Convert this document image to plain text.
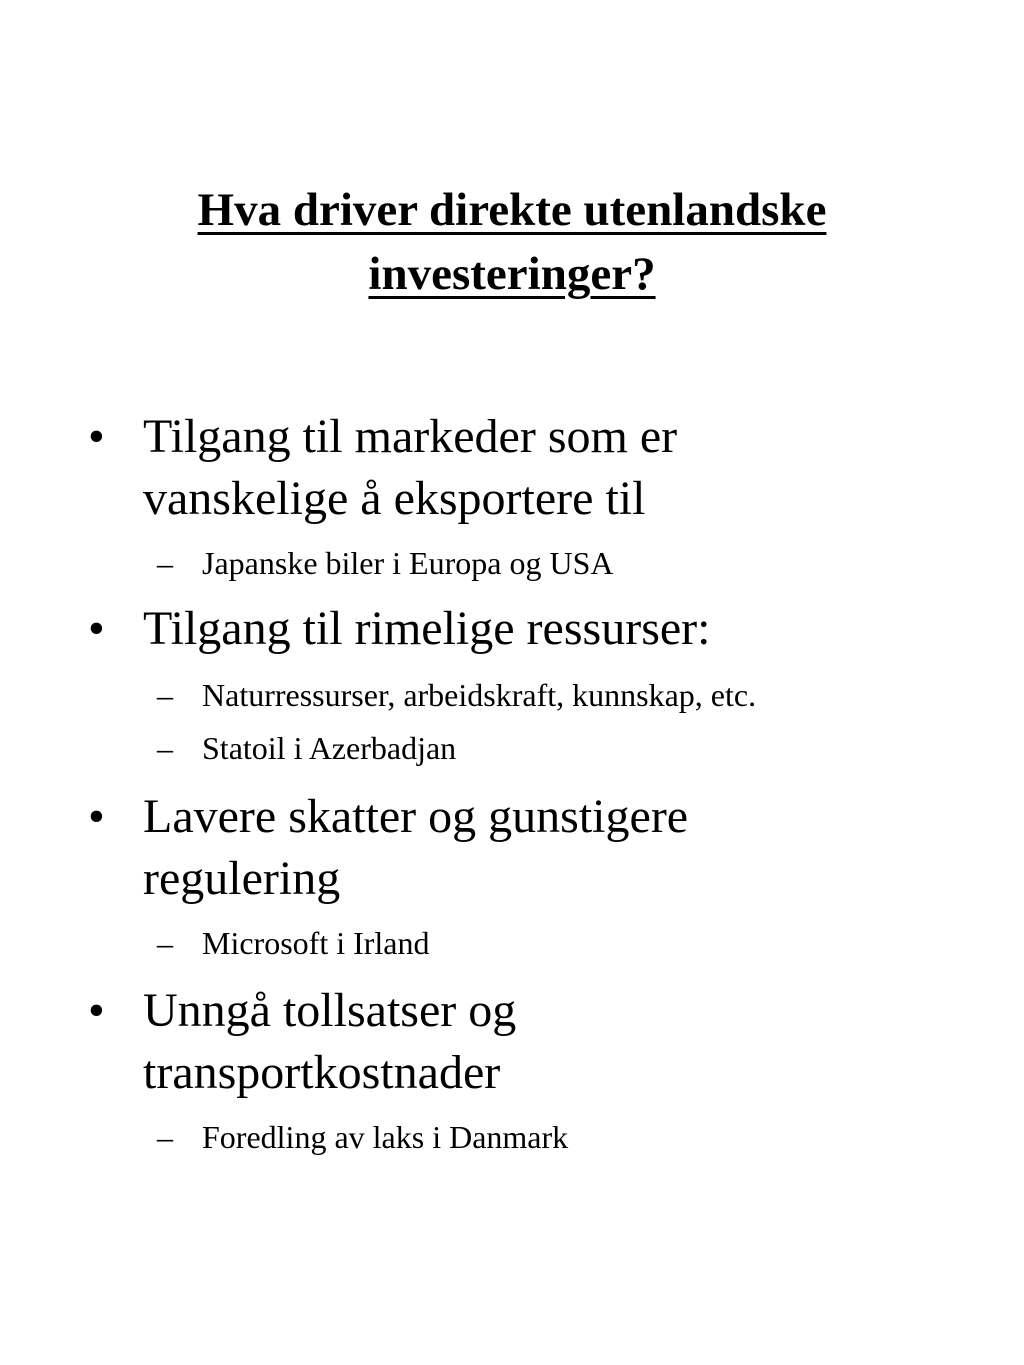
Hva driver direkte utenlandske
investeringer?
• Tilgang til markeder som er
vanskelige å eksportere til
– Japanske biler i Europa og USA
• Tilgang til rimelige ressurser:
– Naturressurser, arbeidskraft, kunnskap, etc.
– Statoil i Azerbadjan
• Lavere skatter og gunstigere
regulering
– Microsoft i Irland
• Unngå tollsatser og
transportkostnader
– Foredling av laks i Danmark
